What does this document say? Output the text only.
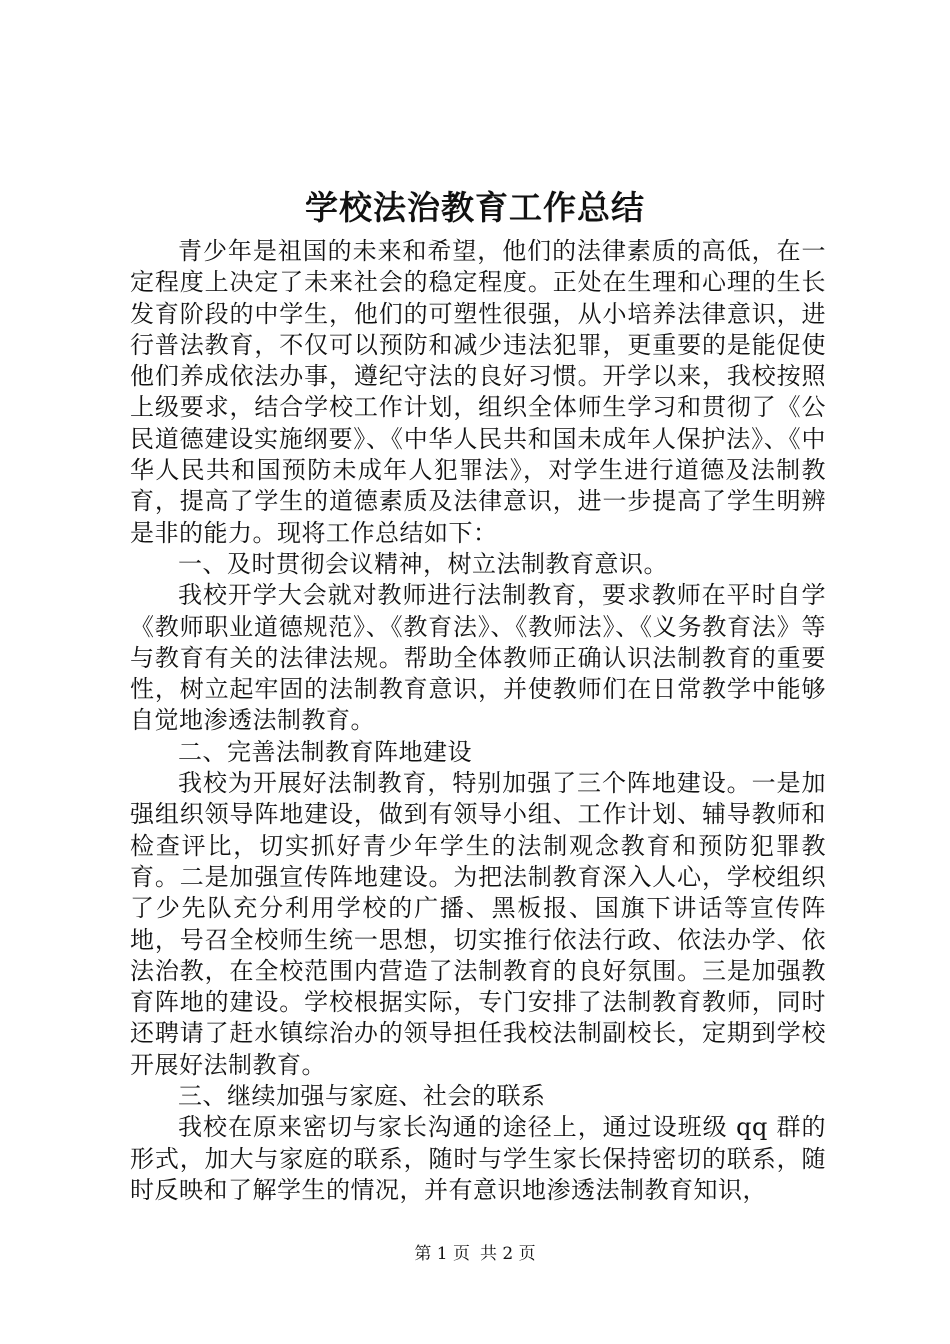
学校法治教育工作总结

青少年是祖国的未来和希望，他们的法律素质的高低，在一定程度上决定了未来社会的稳定程度。正处在生理和心理的生长发育阶段的中学生，他们的可塑性很强，从小培养法律意识，进行普法教育，不仅可以预防和减少违法犯罪，更重要的是能促使他们养成依法办事，遵纪守法的良好习惯。开学以来，我校按照上级要求，结合学校工作计划，组织全体师生学习和贯彻了《公民道德建设实施纲要》、《中华人民共和国未成年人保护法》、《中华人民共和国预防未成年人犯罪法》，对学生进行道德及法制教育，提高了学生的道德素质及法律意识，进一步提高了学生明辨是非的能力。现将工作总结如下：

一、及时贯彻会议精神，树立法制教育意识。

我校开学大会就对教师进行法制教育，要求教师在平时自学《教师职业道德规范》、《教育法》、《教师法》、《义务教育法》等与教育有关的法律法规。帮助全体教师正确认识法制教育的重要性，树立起牢固的法制教育意识，并使教师们在日常教学中能够自觉地渗透法制教育。

二、完善法制教育阵地建设

我校为开展好法制教育，特别加强了三个阵地建设。一是加强组织领导阵地建设，做到有领导小组、工作计划、辅导教师和检查评比，切实抓好青少年学生的法制观念教育和预防犯罪教育。二是加强宣传阵地建设。为把法制教育深入人心，学校组织了少先队充分利用学校的广播、黑板报、国旗下讲话等宣传阵地，号召全校师生统一思想，切实推行依法行政、依法办学、依法治教，在全校范围内营造了法制教育的良好氛围。三是加强教育阵地的建设。学校根据实际，专门安排了法制教育教师，同时还聘请了赶水镇综治办的领导担任我校法制副校长，定期到学校开展好法制教育。

三、继续加强与家庭、社会的联系

我校在原来密切与家长沟通的途径上，通过设班级 qq 群的形式，加大与家庭的联系，随时与学生家长保持密切的联系，随时反映和了解学生的情况，并有意识地渗透法制教育知识，

第 1 页 共 2 页
